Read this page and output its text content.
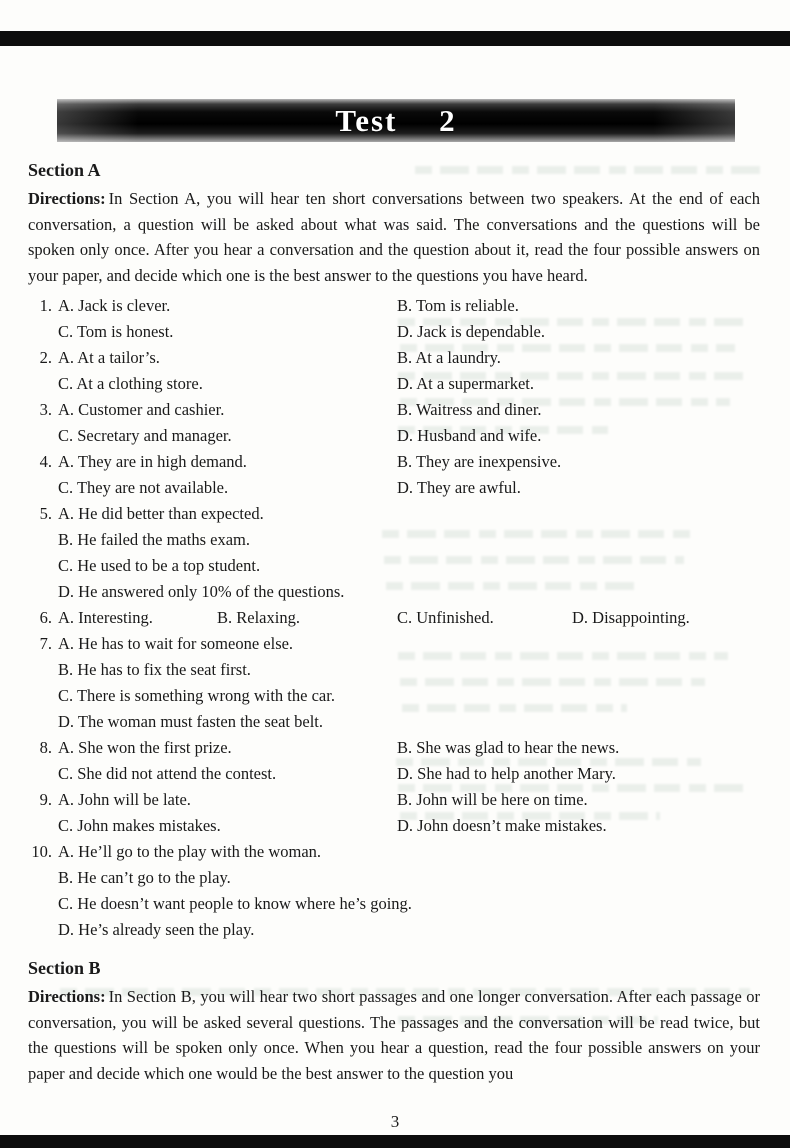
Test 2
Section A

Directions: In Section A, you will hear ten short conversations between two speakers. At the end of each conversation, a question will be asked about what was said. The conversations and the questions will be spoken only once. After you hear a conversation and the question about it, read the four possible answers on your paper, and decide which one is the best answer to the questions you have heard.

1. A. Jack is clever.	B. Tom is reliable.
C. Tom is honest.	D. Jack is dependable.
2. A. At a tailor’s.	B. At a laundry.
C. At a clothing store.	D. At a supermarket.
3. A. Customer and cashier.	B. Waitress and diner.
C. Secretary and manager.	D. Husband and wife.
4. A. They are in high demand.	B. They are inexpensive.
C. They are not available.	D. They are awful.
5. A. He did better than expected.
B. He failed the maths exam.
C. He used to be a top student.
D. He answered only 10% of the questions.
6. A. Interesting.	B. Relaxing.	C. Unfinished.	D. Disappointing.
7. A. He has to wait for someone else.
B. He has to fix the seat first.
C. There is something wrong with the car.
D. The woman must fasten the seat belt.
8. A. She won the first prize.	B. She was glad to hear the news.
C. She did not attend the contest.	D. She had to help another Mary.
9. A. John will be late.	B. John will be here on time.
C. John makes mistakes.	D. John doesn’t make mistakes.
10. A. He’ll go to the play with the woman.
B. He can’t go to the play.
C. He doesn’t want people to know where he’s going.
D. He’s already seen the play.
Section B

Directions: In Section B, you will hear two short passages and one longer conversation. After each passage or conversation, you will be asked several questions. The passages and the conversation will be read twice, but the questions will be spoken only once. When you hear a question, read the four possible answers on your paper and decide which one would be the best answer to the question you

3
